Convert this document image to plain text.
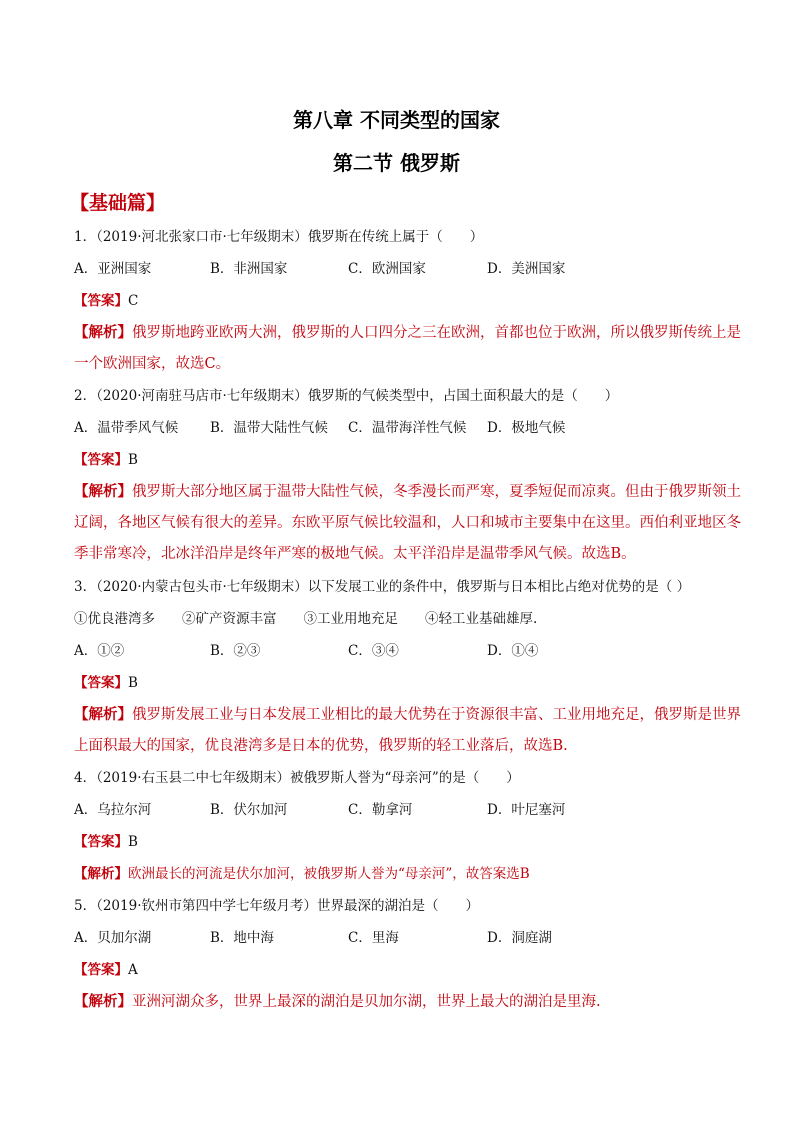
第八章 不同类型的国家
第二节 俄罗斯
【基础篇】
1．（2019·河北张家口市·七年级期末）俄罗斯在传统上属于（　　）
A．亚洲国家	B．非洲国家	C．欧洲国家	D．美洲国家
【答案】C
【解析】俄罗斯地跨亚欧两大洲，俄罗斯的人口四分之三在欧洲，首都也位于欧洲，所以俄罗斯传统上是
一个欧洲国家，故选C。
2．（2020·河南驻马店市·七年级期末）俄罗斯的气候类型中，占国土面积最大的是（　　）
A．温带季风气候 B．温带大陆性气候 C．温带海洋性气候 D．极地气候
【答案】B
【解析】俄罗斯大部分地区属于温带大陆性气候，冬季漫长而严寒，夏季短促而凉爽。但由于俄罗斯领土
辽阔，各地区气候有很大的差异。东欧平原气候比较温和，人口和城市主要集中在这里。西伯利亚地区冬
季非常寒冷，北冰洋沿岸是终年严寒的极地气候。太平洋沿岸是温带季风气候。故选B。
3．（2020·内蒙古包头市·七年级期末）以下发展工业的条件中，俄罗斯与日本相比占绝对优势的是（ ）
①优良港湾多　　②矿产资源丰富　　③工业用地充足　　④轻工业基础雄厚.
A．①②	B．②③	C．③④	D．①④
【答案】B
【解析】俄罗斯发展工业与日本发展工业相比的最大优势在于资源很丰富、工业用地充足，俄罗斯是世界
上面积最大的国家，优良港湾多是日本的优势，俄罗斯的轻工业落后，故选B.
4．（2019·右玉县二中七年级期末）被俄罗斯人誉为“母亲河”的是（　　）
A．乌拉尔河	B．伏尔加河	C．勒拿河	D．叶尼塞河
【答案】B
【解析】欧洲最长的河流是伏尔加河，被俄罗斯人誉为“母亲河”，故答案选B
5．（2019·钦州市第四中学七年级月考）世界最深的湖泊是（　　）
A．贝加尔湖	B．地中海	C．里海	D．洞庭湖
【答案】A
【解析】亚洲河湖众多，世界上最深的湖泊是贝加尔湖，世界上最大的湖泊是里海.
